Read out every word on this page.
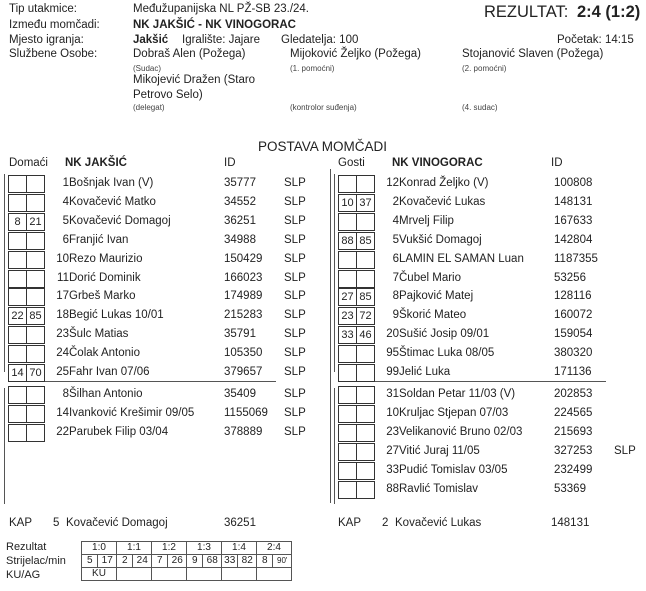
Tip utakmice:	Međužupanijska NL PŽ-SB 23./24.	REZULTAT: 2:4 (1:2)
Između momčadi:	NK JAKŠIĆ - NK VINOGORAC
Mjesto igranja:	Jakšić Igralište: Jajare Gledatelja: 100	Početak: 14:15
Službene Osobe:	Dobraš Alen (Požega)
(Sudac)
Mijoković Željko (Požega)
(1. pomoćni)
Stojanović Slaven (Požega)
(2. pomoćni)
Mikojević Dražen (Staro
Petrovo Selo)
(delegat)	(kontrolor suđenja)	(4. sudac)
POSTAVA MOMČADI
Domaći NK JAKŠIĆ	ID	Gosti NK VINOGORAC	ID
1 Bošnjak Ivan (V)	35777 SLP
4 Kovačević Matko	34552 SLP
8 21	5 Kovačević Domagoj	36251 SLP
6 Franjić Ivan	34988 SLP
10 Rezo Maurizio	150429 SLP
11 Dorić Dominik	166023 SLP
17 Grbeš Marko	174989 SLP
22 85	18 Begić Lukas 10/01	215283 SLP
23 Šulc Matias	35791 SLP
24 Čolak Antonio	105350 SLP
14 70	25 Fahr Ivan 07/06	379657 SLP
8 Šilhan Antonio	35409 SLP
14 Ivanković Krešimir 09/05	1155069 SLP
22 Parubek Filip 03/04	378889 SLP
12 Konrad Željko (V)	100808
10 37	2 Kovačević Lukas	148131
4 Mrvelj Filip	167633
88 85	5 Vukšić Domagoj	142804
6 LAMIN EL SAMAN Luan	1187355
7 Čubel Mario	53256
27 85	8 Pajković Matej	128116
23 72	9 Škorić Mateo	160072
33 46	20 Sušić Josip 09/01	159054
95 Štimac Luka 08/05	380320
99 Jelić Luka	171136
31 Soldan Petar 11/03 (V)	202853
10 Kruljac Stjepan 07/03	224565
23 Velikanović Bruno 02/03	215693
27 Vitić Juraj 11/05	327253 SLP
33 Pudić Tomislav 03/05	232499
88 Ravlić Tomislav	53369
KAP 5 Kovačević Domagoj	36251	KAP 2 Kovačević Lukas	148131
Rezultat
Strijelac/min
KU/AG
1:0		1:1		1:2		1:3		1:4		2:4	
5	17	2	24	7	26	9	68	33	82	8	90'
KU											
